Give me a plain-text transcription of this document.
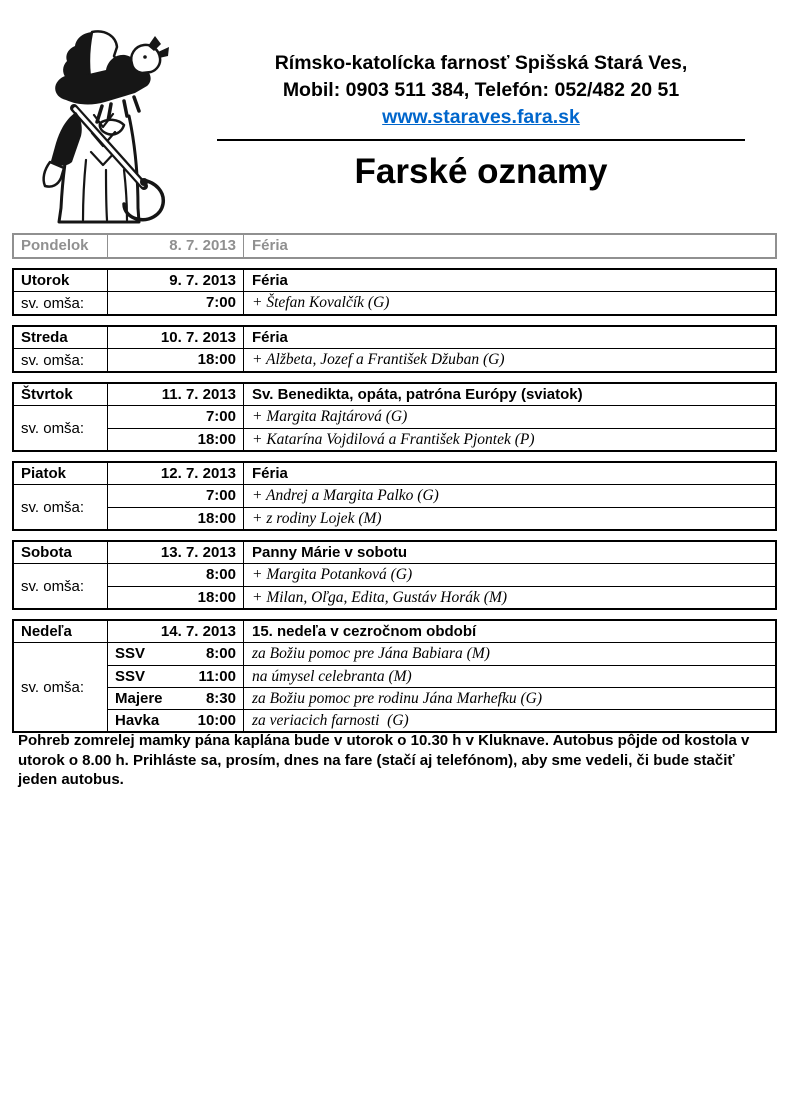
Rímsko-katolícka farnosť Spišská Stará Ves,
Mobil: 0903 511 384, Telefón: 052/482 20 51
www.staraves.fara.sk
Farské oznamy
Pondelok	8. 7. 2013	Féria
Utorok	9. 7. 2013	Féria
sv. omša:	7:00	+ Štefan Kovalčík (G)
Streda	10. 7. 2013	Féria
sv. omša:	18:00	+ Alžbeta, Jozef a František Džuban (G)
Štvrtok	11. 7. 2013	Sv. Benedikta, opáta, patróna Európy (sviatok)
sv. omša:
7:00	+ Margita Rajtárová (G)
18:00	+ Katarína Vojdilová a František Pjontek (P)
Piatok	12. 7. 2013	Féria
sv. omša:
7:00	+ Andrej a Margita Palko (G)
18:00	+ z rodiny Lojek (M)
Sobota	13. 7. 2013	Panny Márie v sobotu
sv. omša:
8:00	+ Margita Potanková (G)
18:00	+ Milan, Oľga, Edita, Gustáv Horák (M)
Nedeľa	14. 7. 2013	15. nedeľa v cezročnom období
sv. omša:
SSV	8:00	za Božiu pomoc pre Jána Babiara (M)
SSV	11:00	na úmysel celebranta (M)
Majere	8:30	za Božiu pomoc pre rodinu Jána Marhefku (G)
Havka	10:00	za veriacich farnosti  (G)

Pohreb zomrelej mamky pána kaplána bude v utorok o 10.30 h v Kluknave. Autobus pôjde od kostola v utorok o 8.00 h. Prihláste sa, prosím, dnes na fare (stačí aj telefónom), aby sme vedeli, či bude stačiť jeden autobus.
